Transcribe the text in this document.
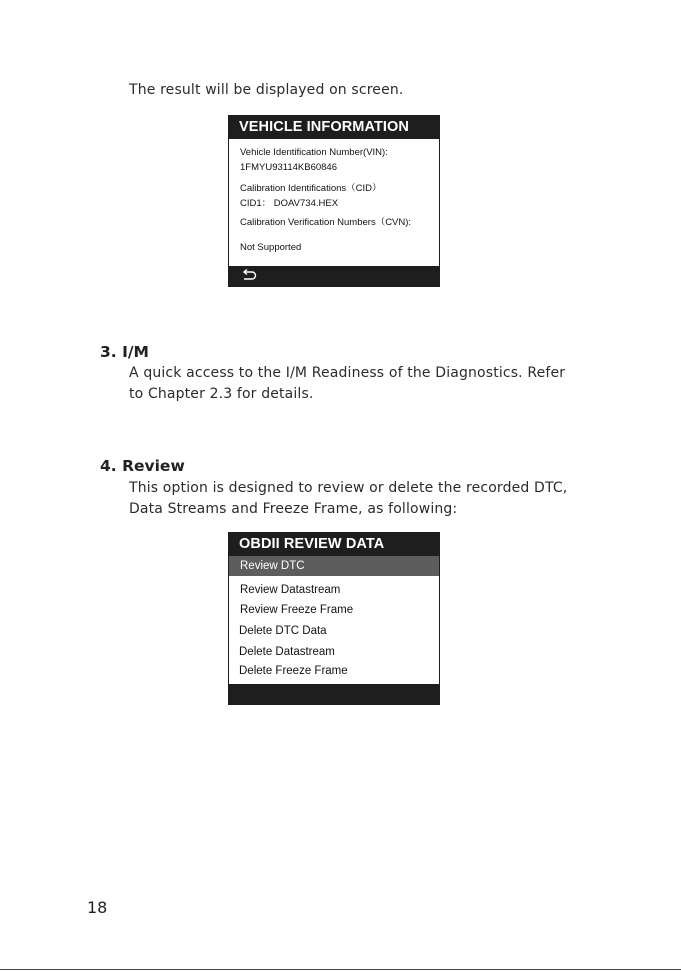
The result will be displayed on screen.

VEHICLE INFORMATION
Vehicle Identification Number(VIN):
1FMYU93114KB60846
Calibration Identifications（CID）
CID1： DOAV734.HEX
Calibration Verification Numbers（CVN):
Not Supported
3. I/M

A quick access to the I/M Readiness of the Diagnostics. Refer

to Chapter 2.3 for details.

4. Review

This option is designed to review or delete the recorded DTC,

Data Streams and Freeze Frame, as following:

OBDII REVIEW DATA
Review DTC
Review Datastream
Review Freeze Frame
Delete DTC Data
Delete Datastream
Delete Freeze Frame

18
